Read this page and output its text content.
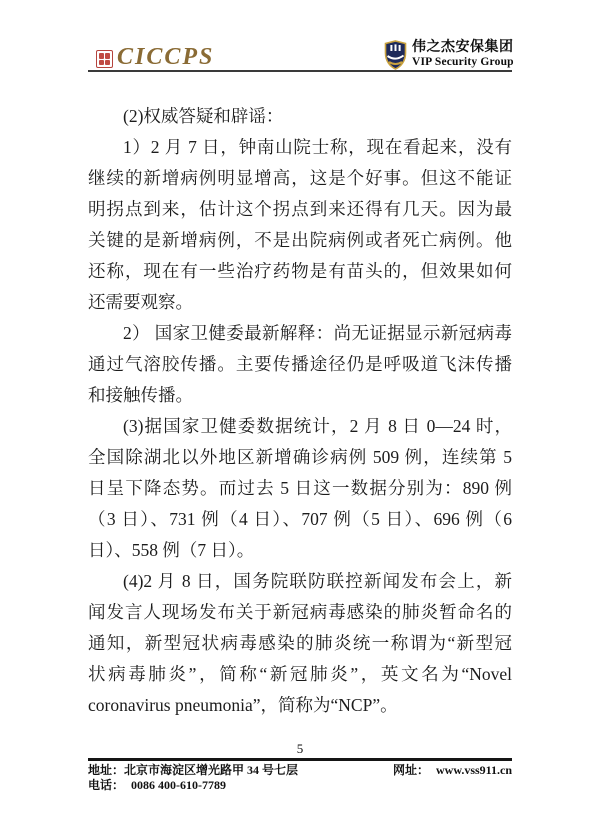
CICCPS	伟之杰安保集团
VIP Security Group
(2)权威答疑和辟谣：
1）2 月 7 日，钟南山院士称，现在看起来，没有
继续的新增病例明显增高，这是个好事。但这不能证
明拐点到来，估计这个拐点到来还得有几天。因为最
关键的是新增病例，不是出院病例或者死亡病例。他
还称，现在有一些治疗药物是有苗头的，但效果如何
还需要观察。
2） 国家卫健委最新解释：尚无证据显示新冠病毒
通过气溶胶传播。主要传播途径仍是呼吸道飞沫传播
和接触传播。
(3)据国家卫健委数据统计，2 月 8 日 0—24 时，
全国除湖北以外地区新增确诊病例 509 例，连续第 5
日呈下降态势。而过去 5 日这一数据分别为：890 例
（3 日）、731 例（4 日）、707 例（5 日）、696 例（6
日）、558 例（7 日）。
(4)2 月 8 日，国务院联防联控新闻发布会上，新
闻发言人现场发布关于新冠病毒感染的肺炎暂命名的
通知，新型冠状病毒感染的肺炎统一称谓为“新型冠
状病毒肺炎”，简称“新冠肺炎”，英文名为“Novel
coronavirus pneumonia”，简称为“NCP”。
5
地址：北京市海淀区增光路甲 34 号七层	网址： www.vss911.cn
电话： 0086 400-610-7789
